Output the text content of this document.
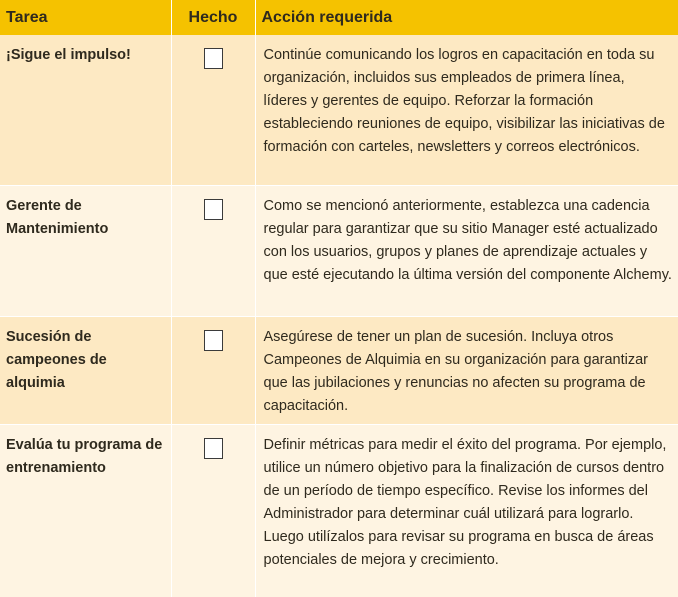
Tarea	Hecho	Acción requerida
¡Sigue el impulso!		Continúe comunicando los logros en capacitación en toda su organización, incluidos sus empleados de primera línea, líderes y gerentes de equipo. Reforzar la formación estableciendo reuniones de equipo, visibilizar las iniciativas de formación con carteles, newsletters y correos electrónicos.
Gerente de Mantenimiento		Como se mencionó anteriormente, establezca una cadencia regular para garantizar que su sitio Manager esté actualizado con los usuarios, grupos y planes de aprendizaje actuales y que esté ejecutando la última versión del componente Alchemy.
Sucesión de campeones de alquimia		Asegúrese de tener un plan de sucesión. Incluya otros Campeones de Alquimia en su organización para garantizar que las jubilaciones y renuncias no afecten su programa de capacitación.
Evalúa tu programa de entrenamiento		Definir métricas para medir el éxito del programa. Por ejemplo, utilice un número objetivo para la finalización de cursos dentro de un período de tiempo específico. Revise los informes del Administrador para determinar cuál utilizará para lograrlo. Luego utilízalos para revisar su programa en busca de áreas potenciales de mejora y crecimiento.
